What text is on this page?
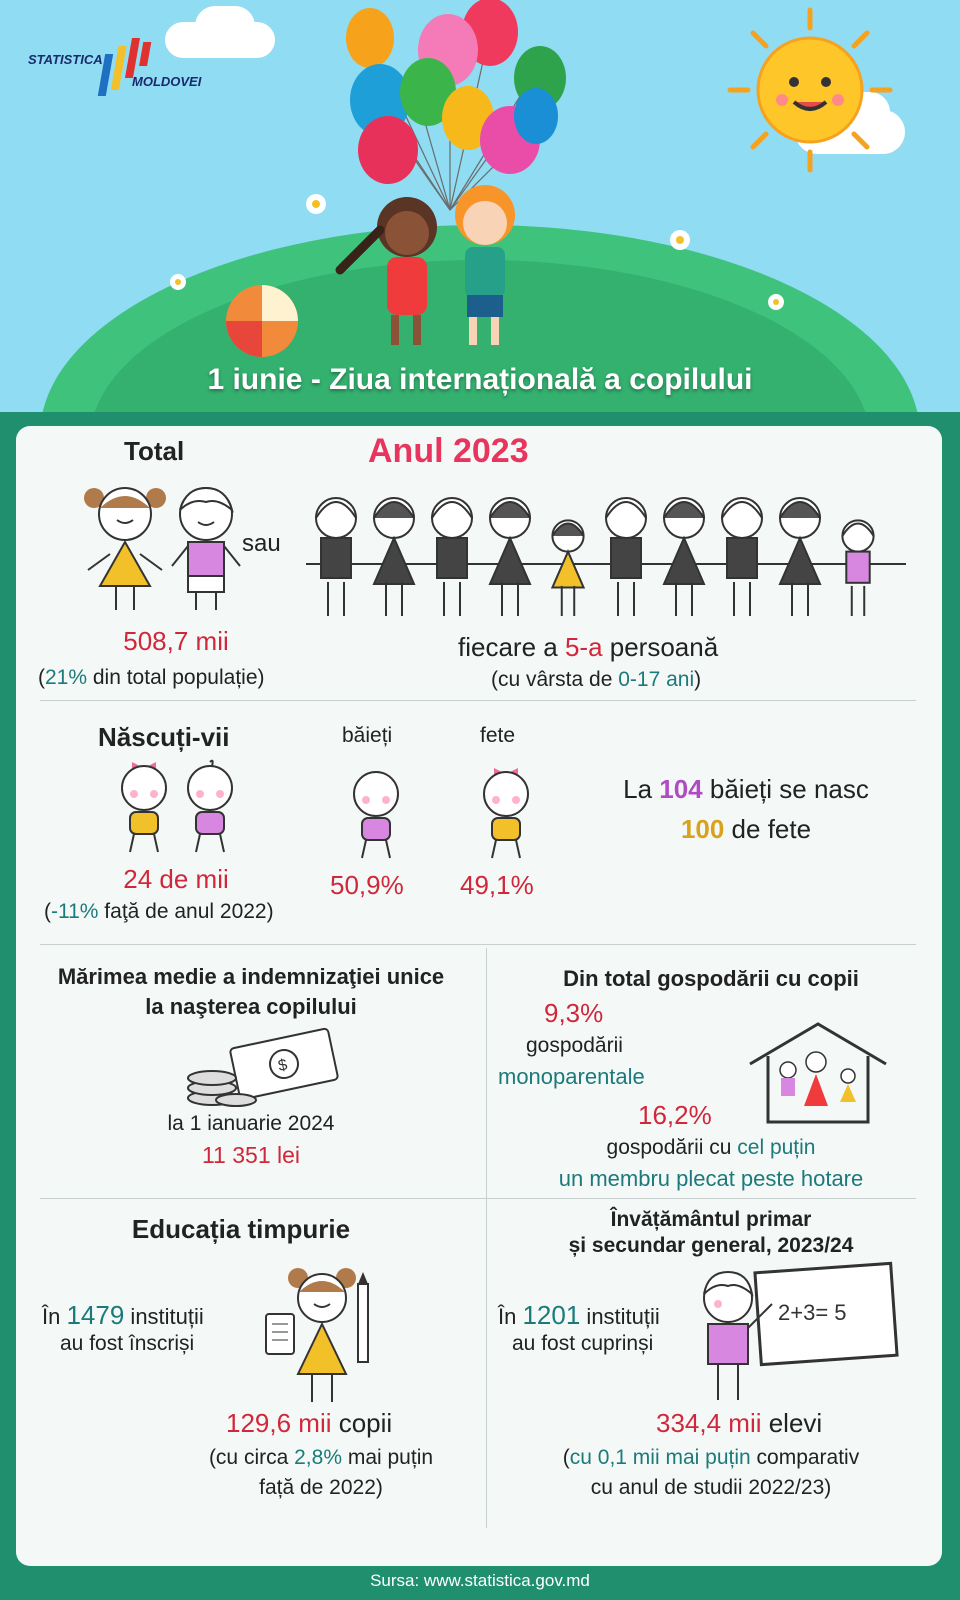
STATISTICA
MOLDOVEI
1 iunie - Ziua internațională a copilului
Total	Anul 2023
sau
508,7 mii
(21% din total populație)
fiecare a 5-a persoană
(cu vârsta de 0-17 ani)
Născuți-vii	băieți	fete
24 de mii
(-11% faţă de anul 2022)
50,9% 49,1%
La 104 băieți se nasc
100 de fete
Mărimea medie a indemnizaţiei unice
la naşterea copilului
$
la 1 ianuarie 2024
11 351 lei
Din total gospodării cu copii
9,3%
gospodării
monoparentale
16,2%
gospodării cu cel puțin
un membru plecat peste hotare
Educația timpurie
În 1479 instituții
au fost înscriși
129,6 mii copii
(cu circa 2,8% mai puțin
față de 2022)
Învățământul primar
și secundar general, 2023/24
În 1201 instituții
au fost cuprinși
2+3= 5
334,4 mii elevi
(cu 0,1 mii mai puțin comparativ
cu anul de studii 2022/23)
Sursa: www.statistica.gov.md
